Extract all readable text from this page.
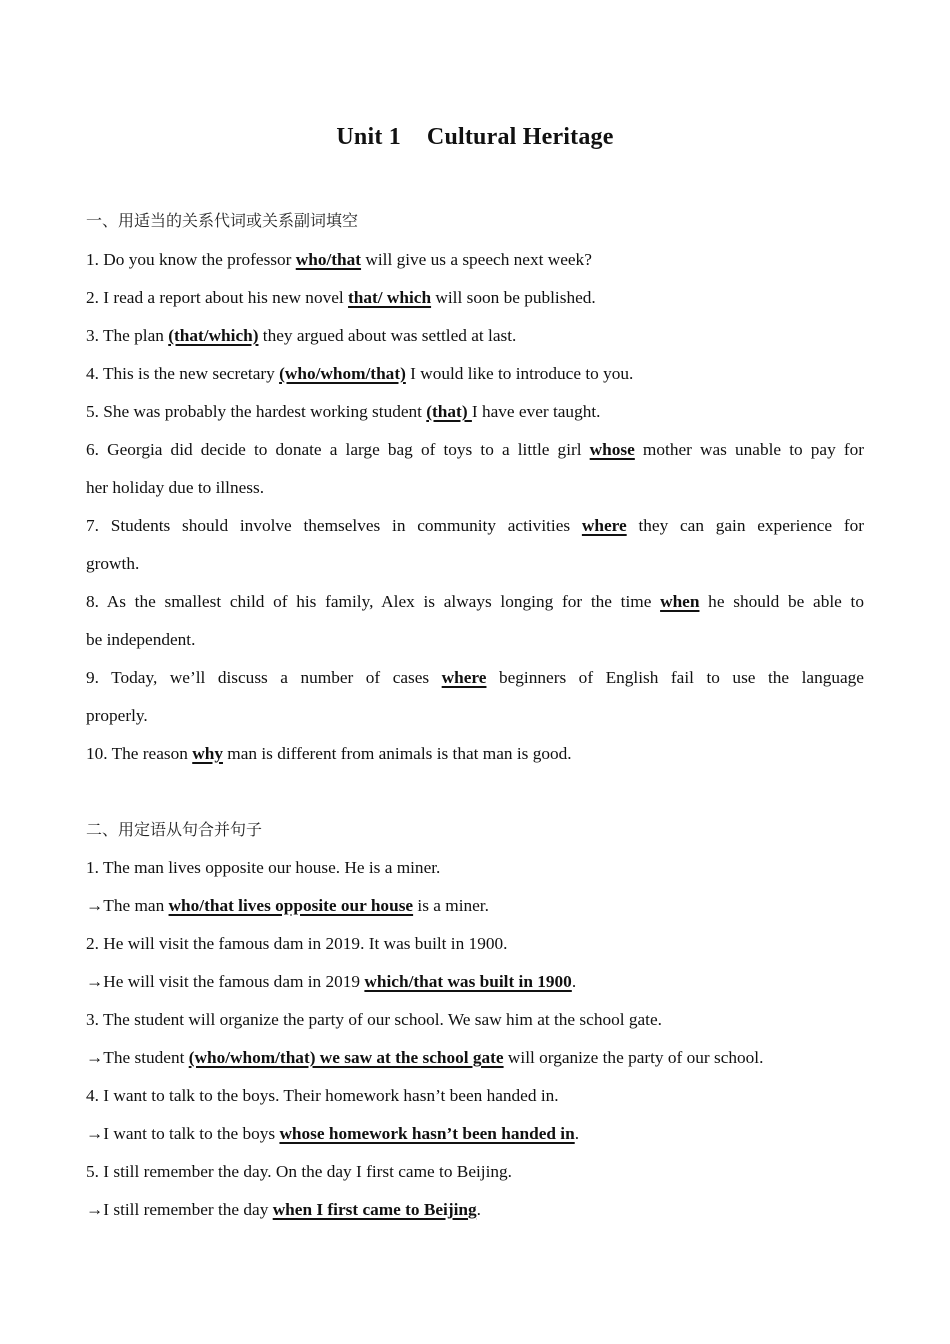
Unit 1 Cultural Heritage
一、用适当的关系代词或关系副词填空
1. Do you know the professor who/that will give us a speech next week?
2. I read a report about his new novel that/ which will soon be published.
3. The plan (that/which) they argued about was settled at last.
4. This is the new secretary (who/whom/that) I would like to introduce to you.
5. She was probably the hardest working student (that) I have ever taught.
6. Georgia did decide to donate a large bag of toys to a little girl whose mother was unable to pay for
her holiday due to illness.
7. Students should involve themselves in community activities where they can gain experience for
growth.
8. As the smallest child of his family, Alex is always longing for the time when he should be able to
be independent.
9. Today, we’ll discuss a number of cases where beginners of English fail to use the language
properly.
10. The reason why man is different from animals is that man is good.
二、用定语从句合并句子
1. The man lives opposite our house. He is a miner.
→The man who/that lives opposite our house is a miner.
2. He will visit the famous dam in 2019. It was built in 1900.
→He will visit the famous dam in 2019 which/that was built in 1900.
3. The student will organize the party of our school. We saw him at the school gate.
→The student (who/whom/that) we saw at the school gate will organize the party of our school.
4. I want to talk to the boys. Their homework hasn’t been handed in.
→I want to talk to the boys whose homework hasn’t been handed in.
5. I still remember the day. On the day I first came to Beijing.
→I still remember the day when I first came to Beijing.
